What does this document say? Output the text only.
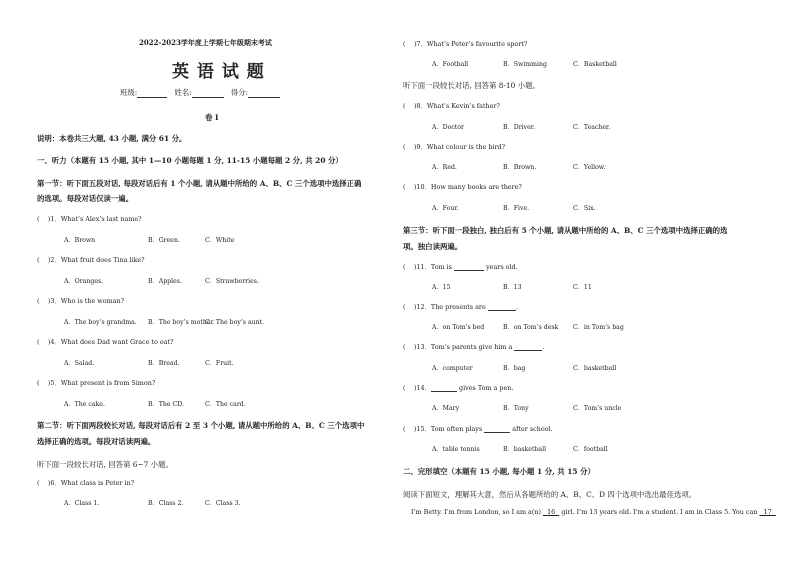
2022-2023学年度上学期七年级期末考试
英 语 试 题
班级:	姓名:	得分:
卷 I
说明：本卷共三大题, 43 小题, 满分 61 分。
一、听力（本题有 15 小题, 其中 1—10 小题每题 1 分, 11-15 小题每题 2 分, 共 20 分）
第一节：听下面五段对话, 每段对话后有 1 个小题, 请从题中所给的 A、B、C 三个选项中选择正确
的选项。每段对话仅读一遍。
(　 )1．What’s Alex’s last name?
A．Brown	B．Green.	C．White
(　 )2．What fruit does Tina like?
A．Oranges.	B．Apples.	C．Strawberries.
(　 )3．Who is the woman?
A．The boy’s grandma. B．The boy’s mother.
C．The boy’s aunt.
(　 )4．What does Dad want Grace to eat?
A．Salad.	B．Bread.	C．Fruit.
(　 )5．What present is from Simon?
A．The cake.	B．The CD.	C．The card.
第二节：听下面两段较长对话, 每段对话后有 2 至 3 个小题, 请从题中所给的 A、B、C 三个选项中
选择正确的选项。每段对话读两遍。
听下面一段较长对话, 回答第 6~7 小题。
(　 )6．What class is Peter in?
A．Class 1.	B．Class 2.	C．Class 3.
(　 )7．What’s Peter’s favourite sport?
A．Football	B．Swimming	C．Basketball
听下面一段较长对话, 回答第 8-10 小题。
(　 )8．What’s Kevin’s father?
A．Doctor	B．Driver.	C．Teacher.
(　 )9．What colour is the bird?
A．Red.	B．Brown.	C．Yellow.
(　 )10．How many books are there?
A．Four.	B．Five.	C．Six.
第三节：听下面一段独白, 独白后有 5 个小题, 请从题中所给的 A、B、C 三个选项中选择正确的选
项。独白读两遍。
(　 )11．Tom is	years old.
A．15	B．13	C．11
(　 )12．The presents are	.
A．on Tom’s bed	B．on Tom’s desk C．in Tom’s bag
(　 )13．Tom’s parents give him a	.
A．computer	B．bag	C．basketball
(　 )14．	gives Tom a pen.
A．Mary	B．Tony	C．Tom’s uncle
(　 )15．Tom often plays	after school.
A．table tennis	B．basketball	C．football
二、完形填空（本题有 15 小题, 每小题 1 分, 共 15 分）
阅读下面短文，理解其大意，然后从各题所给的 A、B、C、D 四个选项中选出最佳选项。
I’m Betty. I’m from London, so I am a(n) 16 girl. I’m 13 years old. I’m a student. I am in Class 5. You can 17
